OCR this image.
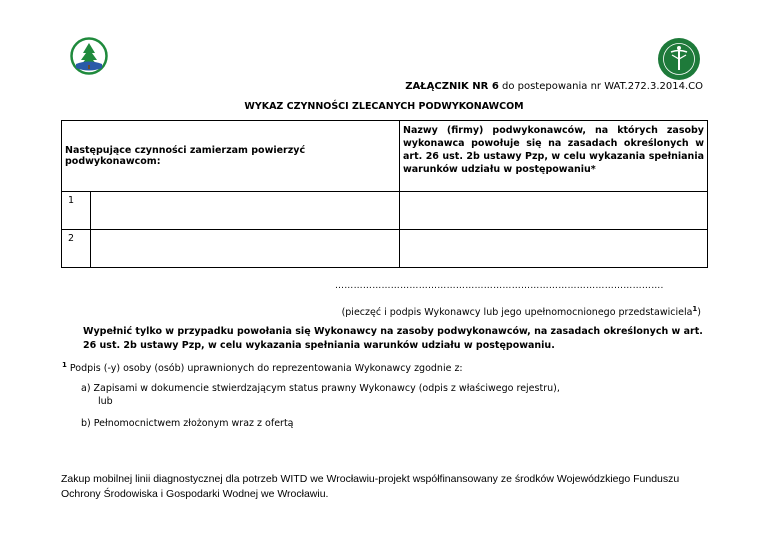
ZAŁĄCZNIK NR 6 do postepowania nr WAT.272.3.2014.CO
WYKAZ CZYNNOŚCI ZLECANYCH PODWYKONAWCOM
Następujące czynności zamierzam powierzyć podwykonawcom:		Nazwy (firmy) podwykonawców, na których zasoby wykonawca powołuje się na zasadach określonych w art. 26 ust. 2b ustawy Pzp, w celu wykazania spełniania warunków udziału w postępowaniu*
1		
2		
…………………………………………………………………………………………….
(pieczęć i podpis Wykonawcy lub jego upełnomocnionego przedstawiciela$^1$)
Wypełnić tylko w przypadku powołania się Wykonawcy na zasoby podwykonawców, na zasadach określonych w art. 26 ust. 2b ustawy Pzp, w celu wykazania spełniania warunków udziału w postępowaniu.
$^1$ Podpis (-y) osoby (osób) uprawnionych do reprezentowania Wykonawcy zgodnie z:
a) Zapisami w dokumencie stwierdzającym status prawny Wykonawcy (odpis z właściwego rejestru),
lub
b) Pełnomocnictwem złożonym wraz z ofertą
Zakup mobilnej linii diagnostycznej dla potrzeb WITD we Wrocławiu-projekt współfinansowany ze środków Wojewódzkiego Funduszu Ochrony Środowiska i Gospodarki Wodnej we Wrocławiu.
